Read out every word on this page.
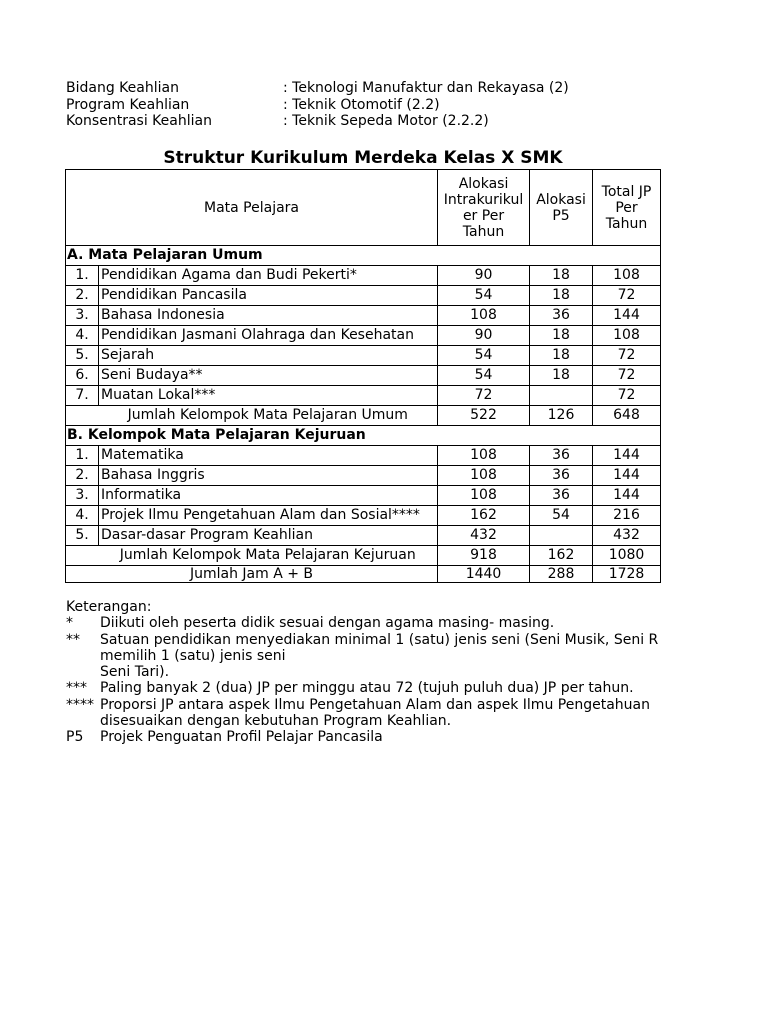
Bidang Keahlian	: Teknologi Manufaktur dan Rekayasa (2)
Program Keahlian	: Teknik Otomotif (2.2)
Konsentrasi Keahlian	: Teknik Sepeda Motor (2.2.2)
Struktur Kurikulum Merdeka Kelas X SMK
Mata Pelajara		Alokasi Intrakurikul er Per Tahun	Alokasi P5	Total JP Per Tahun
A. Mata Pelajaran Umum				
1.	Pendidikan Agama dan Budi Pekerti*	90	18	108
2.	Pendidikan Pancasila	54	18	72
3.	Bahasa Indonesia	108	36	144
4.	Pendidikan Jasmani Olahraga dan Kesehatan	90	18	108
5.	Sejarah	54	18	72
6.	Seni Budaya**	54	18	72
7.	Muatan Lokal***	72		72
	Jumlah Kelompok Mata Pelajaran Umum	522	126	648
B. Kelompok Mata Pelajaran Kejuruan				
1.	Matematika	108	36	144
2.	Bahasa Inggris	108	36	144
3.	Informatika	108	36	144
4.	Projek Ilmu Pengetahuan Alam dan Sosial****	162	54	216
5.	Dasar-dasar Program Keahlian	432		432
	Jumlah Kelompok Mata Pelajaran Kejuruan	918	162	1080
Jumlah Jam A + B		1440	288	1728
Keterangan:
*	Diikuti oleh peserta didik sesuai dengan agama masing- masing.
**	Satuan pendidikan menyediakan minimal 1 (satu) jenis seni (Seni Musik, Seni R
memilih 1 (satu) jenis seni
Seni Tari).
*** Paling banyak 2 (dua) JP per minggu atau 72 (tujuh puluh dua) JP per tahun.
**** Proporsi JP antara aspek Ilmu Pengetahuan Alam dan aspek Ilmu Pengetahuan
disesuaikan dengan kebutuhan Program Keahlian.
P5	Projek Penguatan Profil Pelajar Pancasila
